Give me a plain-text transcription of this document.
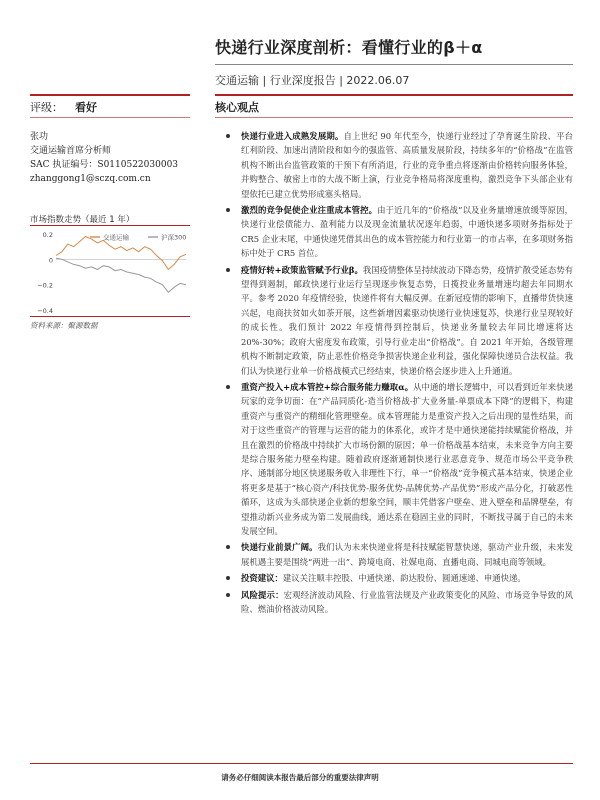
快递行业深度剖析：看懂行业的β＋α
交通运输 | 行业深度报告 | 2022.06.07
评级： 看好	核心观点
张功
交通运输首席分析师
SAC 执证编号：S0110522030003
zhanggong1@sczq.com.cn
市场指数走势（最近 1 年）
0.2
0
−0.2
−0.4
交通运输	沪深300
资料来源：聚源数据
快递行业进入成熟发展期。自上世纪 90 年代至今，快递行业经过了孕育诞生阶段、平台红利阶段、加速出清阶段和如今的强监管、高质量发展阶段，持续多年的“价格战”在监管机构不断出台监管政策的干预下有所消退，行业的竞争重点将逐渐由价格转向服务体验，并购整合、敏密上市的大战不断上演，行业竞争格局将深度重构，激烈竞争下头部企业有望依托已建立优势形成塞头格局。
激烈的竞争促使企业注重成本管控。由于近几年的“价格战”以及业务量增速放缓等原因，快递行业偿债能力、盈利能力以及现金流量状况逐年趋弱，中通快递多项财务指标处于 CR5 企业末尾，中通快递凭借其出色的成本管控能力和行业第一的市占率，在多项财务指标中处于 CR5 首位。
疫情好转+政策监管赋予行业β。我国疫情整体呈持续波动下降态势，疫情扩散受延态势有望得到遏制，邮政快递行业运行呈现逐步恢复态势，日揽投业务量增速均超去年同期水平。参考 2020 年疫情经验，快递件将有大幅反弹。在新冠疫情的影响下，直播带货快速兴起，电商扶贫如火如荼开展，这些新增因素驱动快递行业快速复苏，快递行业呈现较好的成长性。我们预计 2022 年疫情得到控制后，快递业务量较去年同比增速将达 20%-30%；政府大密度发布政策，引导行业走出“价格战”。自 2021 年开始，各级管理机构不断制定政策，防止恶性价格竞争损害快递企业利益，强化保障快递员合法权益。我们认为快递行业单一价格战模式已经结束，快递价格会逐步进入上升通道。
重资产投入+成本管控+综合服务能力赚取α。从中通的增长逻辑中，可以看到近年来快递玩家的竞争切面：在“产品同质化-造当价格战-扩大业务量-单票成本下降”的逻辑下，构建重资产与重资产的精细化管理壁垒。成本管理能力是重资产投入之后出现的显性结果，而对于这些重资产的管理与运营的能力的体系化，或许才是中通快递能持续赋能价格战，并且在激烈的价格战中持续扩大市场份额的原因；单一价格战基本结束，未来竞争方向主要是综合服务能力壁垒构建。随着政府逐渐通制快递行业恶意竞争、规范市场公平竞争秩序、通制部分地区快递服务收入非理性下行，单一“价格战”竞争模式基本结束，快递企业将更多是基于“核心资产/科技优势-服务优势-品牌优势-产品优势”形成产品分化，打破恶性循环，这成为头部快递企业新的想象空间，顺丰凭借客户壁垒、进入壁垒和品牌壁垒，有望推动新兴业务成为第二发展曲线，通达系在稳固主业的同时，不断找寻属于自己的未来发展空间。
快递行业前景广阔。我们认为未来快递业将是科技赋能智慧快递，驱动产业升级，未来发展机遇主要是围绕“两进一出”、跨境电商、社媒电商、直播电商、同城电商等领域。
投资建议：建议关注顺丰控股、中通快递、韵达股份、圆通速递、申通快递。
风险提示：宏观经济波动风险、行业监管法规及产业政策变化的风险、市场竞争导致的风险、燃油价格波动风险。
请务必仔细阅读本报告最后部分的重要法律声明
